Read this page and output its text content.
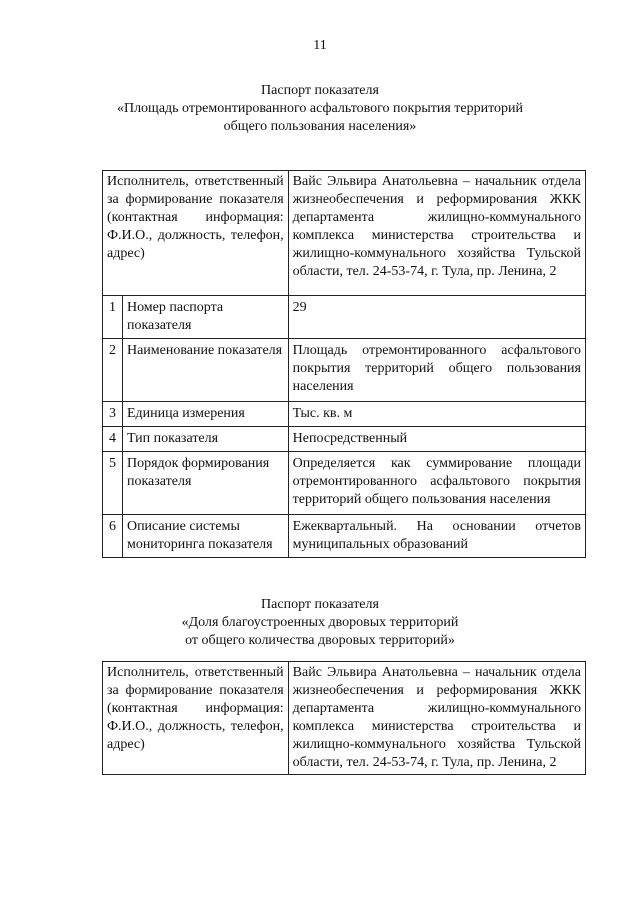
11
Паспорт показателя
«Площадь отремонтированного асфальтового покрытия территорий
общего пользования населения»
Исполнитель, ответственный за формирование показателя (контактная информация: Ф.И.О., должность, телефон, адрес)		Вайс Эльвира Анатольевна – начальник отдела жизнеобеспечения и реформирования ЖКК департамента жилищно-коммунального комплекса министерства строительства и жилищно-коммунального хозяйства Тульской области, тел. 24-53-74, г. Тула, пр. Ленина, 2
1	Номер паспорта показателя	29
2	Наименование показателя	Площадь отремонтированного асфальтового покрытия территорий общего пользования населения
3	Единица измерения	Тыс. кв. м
4	Тип показателя	Непосредственный
5	Порядок формирования показателя	Определяется как суммирование площади отремонтированного асфальтового покрытия территорий общего пользования населения
6	Описание системы мониторинга показателя	Ежеквартальный. На основании отчетов муниципальных образований
Паспорт показателя
«Доля благоустроенных дворовых территорий
от общего количества дворовых территорий»
Исполнитель, ответственный за формирование показателя (контактная информация: Ф.И.О., должность, телефон, адрес)	Вайс Эльвира Анатольевна – начальник отдела жизнеобеспечения и реформирования ЖКК департамента жилищно-коммунального комплекса министерства строительства и жилищно-коммунального хозяйства Тульской области, тел. 24-53-74, г. Тула, пр. Ленина, 2
